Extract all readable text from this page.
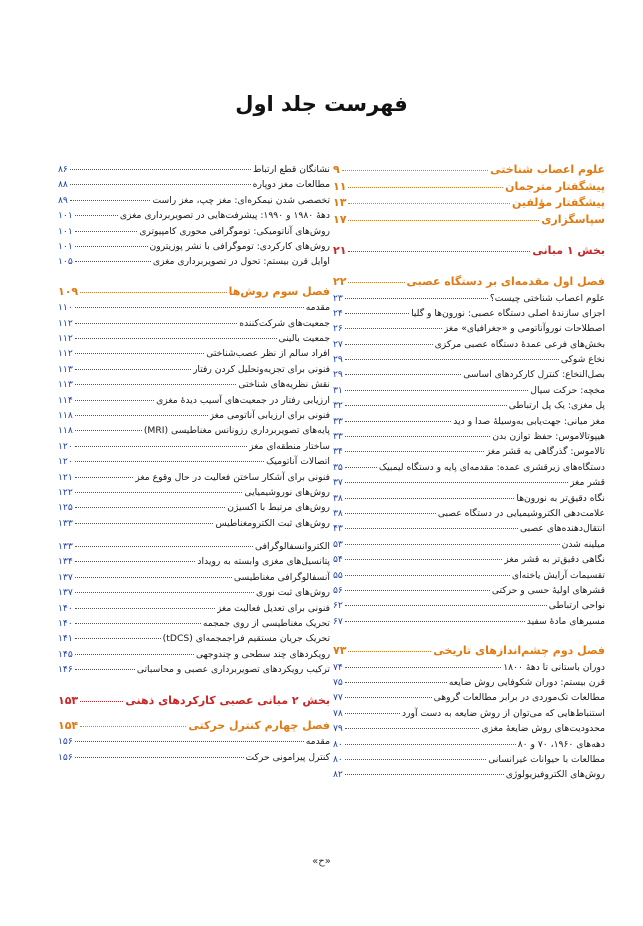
فهرست جلد اول
علوم اعصاب شناختی
۹
پیشگفتار مترجمان
۱۱
پیشگفتار مؤلفین
۱۳
سپاسگزاری
۱۷
بخش ۱ مبانی
۲۱
فصل اول مقدمه‌ای بر دستگاه عصبی
۲۲
علوم اعصاب شناختی چیست؟
۲۳
اجزای سازندۀ اصلی دستگاه عصبی: نورون‌ها و گلیا
۲۴
اصطلاحات نوروآناتومی و «جغرافیای» مغز
۲۶
بخش‌های فرعی عمدۀ دستگاه عصبی مرکزی
۲۷
نخاع شوکی
۲۹
بصل‌النخاع: کنترل کارکردهای اساسی
۲۹
مخچه: حرکت سیال
۳۱
پل مغزی: یک پل ارتباطی
۳۲
مغز میانی: جهت‌یابی به‌وسیلۀ صدا و دید
۳۳
هیپوتالاموس: حفظ توازن بدن
۳۳
تالاموس: گذرگاهی به قشر مغز
۳۴
دستگاه‌های زیرقشری عمده: مقدمه‌ای پایه و دستگاه لیمبیک
۳۵
قشر مغز
۳۷
نگاه دقیق‌تر به نورون‌ها
۳۸
علامت‌دهی الکتروشیمیایی در دستگاه عصبی
۳۸
انتقال‌دهنده‌های عصبی
۴۳
میلینه شدن
۵۳
نگاهی دقیق‌تر به قشر مغز
۵۴
تقسیمات آرایش یاخته‌ای
۵۵
قشرهای اولیۀ حسی و حرکتی
۵۶
نواحی ارتباطی
۶۲
مسیرهای مادۀ سفید
۶۷
فصل دوم چشم‌اندازهای تاریخی
۷۳
دوران باستانی تا دهۀ ۱۸۰۰
۷۴
قرن بیستم: دوران شکوفایی روش ضایعه
۷۵
مطالعات تک‌موردی در برابر مطالعات گروهی
۷۷
استنباط‌هایی که می‌توان از روش ضایعه به دست آورد
۷۸
محدودیت‌های روش ضایعۀ مغزی
۷۹
دهه‌های ۱۹۶۰، ۷۰ و ۸۰
۸۰
مطالعات با حیوانات غیرانسانی
۸۰
روش‌های الکتروفیزیولوژی
۸۲
نشانگان قطع ارتباط
۸۶
مطالعات مغز دوپاره
۸۸
تخصصی شدن نیمکره‌ای: مغز چپ، مغز راست
۸۹
دهۀ ۱۹۸۰ و ۱۹۹۰: پیشرفت‌هایی در تصویربرداری مغزی
۱۰۱
روش‌های آناتومیکی: توموگرافی محوری کامپیوتری
۱۰۱
روش‌های کارکردی: توموگرافی با نشر پوزیترون
۱۰۱
اوایل قرن بیستم: تحول در تصویربرداری مغزی
۱۰۵
فصل سوم روش‌ها
۱۰۹
مقدمه
۱۱۰
جمعیت‌های شرکت‌کننده
۱۱۲
جمعیت بالینی
۱۱۲
افراد سالم از نظر عصب‌شناختی
۱۱۲
فنونی برای تجزیه‌وتحلیل کردن رفتار
۱۱۳
نقش نظریه‌های شناختی
۱۱۳
ارزیابی رفتار در جمعیت‌های آسیب دیدۀ مغزی
۱۱۴
فنونی برای ارزیابی آناتومی مغز
۱۱۸
پایه‌های تصویربرداری رزونانس مغناطیسی (MRI)
۱۱۸
ساختار منطقه‌ای مغز
۱۲۰
اتصالات آناتومیک
۱۲۰
فنونی برای آشکار ساختن فعالیت در حال وقوع مغز
۱۲۱
روش‌های نوروشیمیایی
۱۲۲
روش‌های مرتبط با اکسیژن
۱۲۵
روش‌های ثبت الکترومغناطیس
۱۳۳
الکتروانسفالوگرافی
۱۳۳
پتانسیل‌های مغزی وابسته به رویداد
۱۳۴
آنسفالوگرافی مغناطیسی
۱۳۷
روش‌های ثبت نوری
۱۳۷
فنونی برای تعدیل فعالیت مغز
۱۴۰
تحریک مغناطیسی از روی جمجمه
۱۴۰
تحریک جریان مستقیم فراجمجمه‌ای (tDCS)
۱۴۱
رویکردهای چند سطحی و چندوجهی
۱۴۵
ترکیب رویکردهای تصویربرداری عصبی و محاسباتی
۱۴۶
بخش ۲ مبانی عصبی کارکردهای ذهنی
۱۵۳
فصل چهارم کنترل حرکتی
۱۵۴
مقدمه
۱۵۶
کنترل پیرامونی حرکت
۱۵۶
«ح»
